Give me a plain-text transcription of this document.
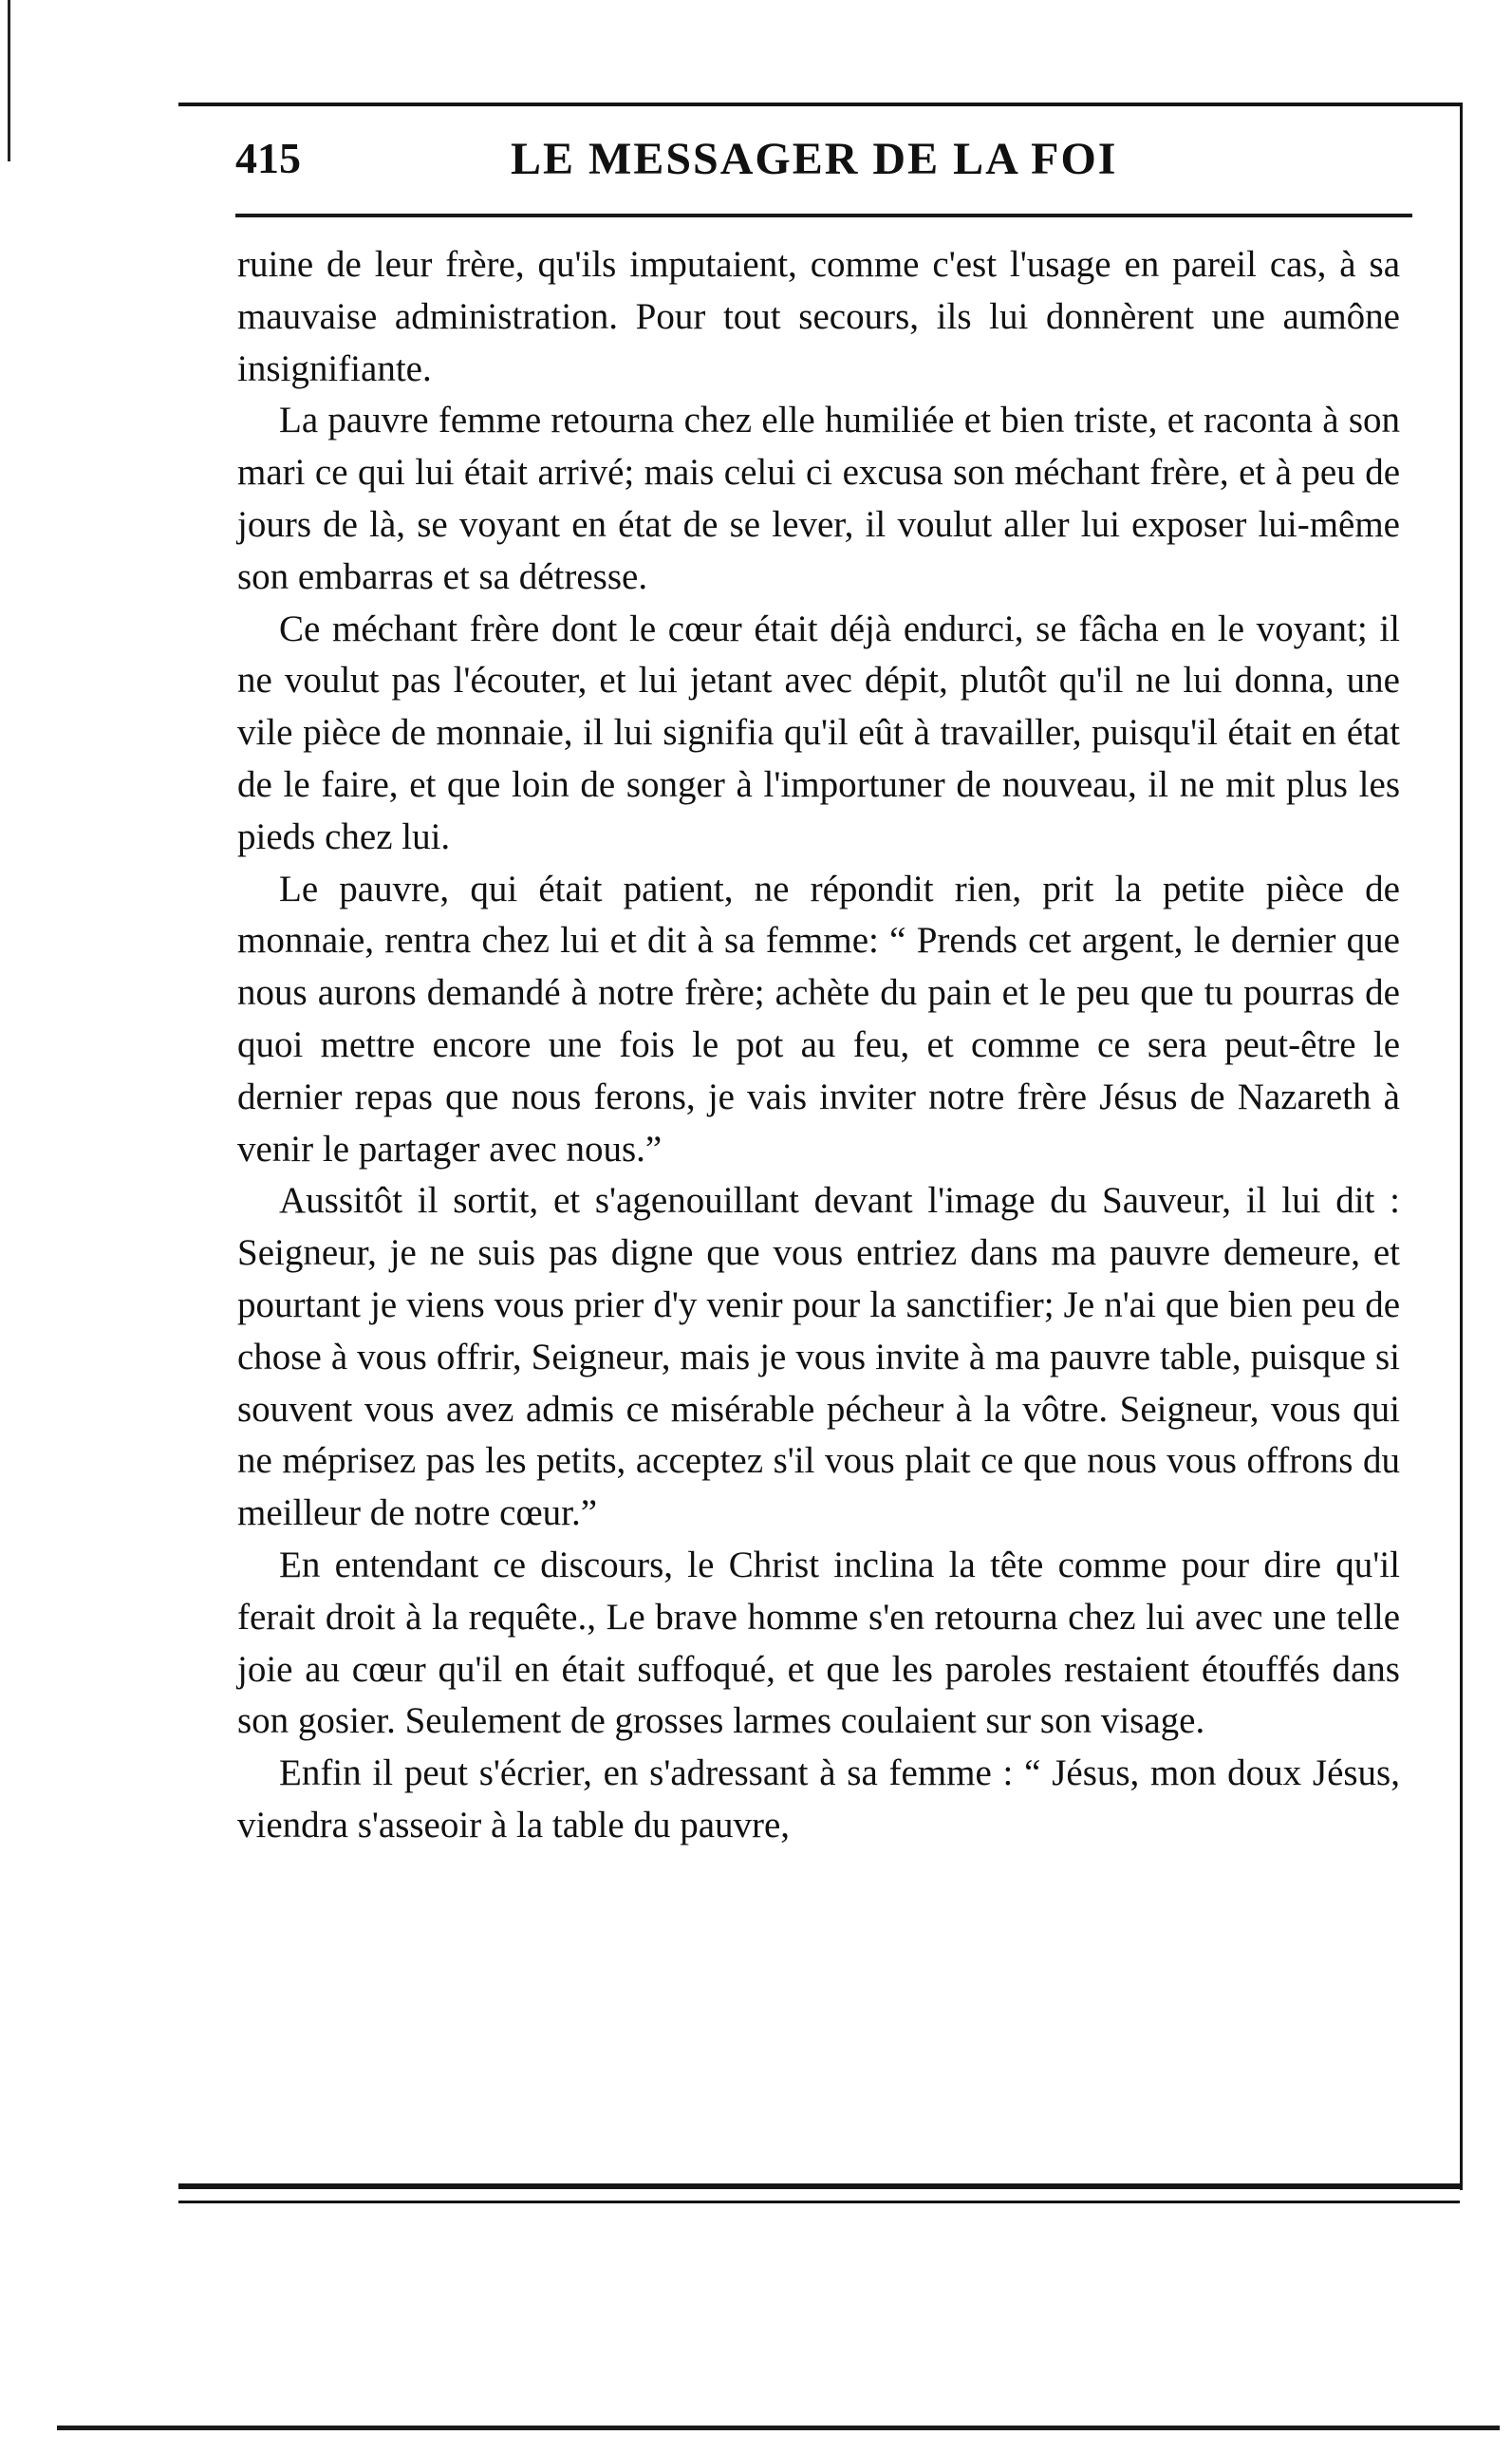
415	LE MESSAGER DE LA FOI

ruine de leur frère, qu'ils imputaient, comme c'est l'usage en pareil cas, à sa mauvaise administration. Pour tout secours, ils lui donnèrent une aumône insignifiante.

La pauvre femme retourna chez elle humiliée et bien triste, et raconta à son mari ce qui lui était arrivé; mais celui ci excusa son méchant frère, et à peu de jours de là, se voyant en état de se lever, il voulut aller lui exposer lui-même son embarras et sa détresse.

Ce méchant frère dont le cœur était déjà endurci, se fâcha en le voyant; il ne voulut pas l'écouter, et lui jetant avec dépit, plutôt qu'il ne lui donna, une vile pièce de monnaie, il lui signifia qu'il eût à travailler, puisqu'il était en état de le faire, et que loin de songer à l'importuner de nouveau, il ne mit plus les pieds chez lui.

Le pauvre, qui était patient, ne répondit rien, prit la petite pièce de monnaie, rentra chez lui et dit à sa femme: “ Prends cet argent, le dernier que nous aurons demandé à notre frère; achète du pain et le peu que tu pourras de quoi mettre encore une fois le pot au feu, et comme ce sera peut-être le dernier repas que nous ferons, je vais inviter notre frère Jésus de Nazareth à venir le partager avec nous.”

Aussitôt il sortit, et s'agenouillant devant l'image du Sauveur, il lui dit : Seigneur, je ne suis pas digne que vous entriez dans ma pauvre demeure, et pourtant je viens vous prier d'y venir pour la sanctifier; Je n'ai que bien peu de chose à vous offrir, Seigneur, mais je vous invite à ma pauvre table, puisque si souvent vous avez admis ce misérable pécheur à la vôtre. Seigneur, vous qui ne méprisez pas les petits, acceptez s'il vous plait ce que nous vous offrons du meilleur de notre cœur.”

En entendant ce discours, le Christ inclina la tête comme pour dire qu'il ferait droit à la requête., Le brave homme s'en retourna chez lui avec une telle joie au cœur qu'il en était suffoqué, et que les paroles restaient étouffés dans son gosier. Seulement de grosses larmes coulaient sur son visage.

Enfin il peut s'écrier, en s'adressant à sa femme : “ Jésus, mon doux Jésus, viendra s'asseoir à la table du pauvre,
